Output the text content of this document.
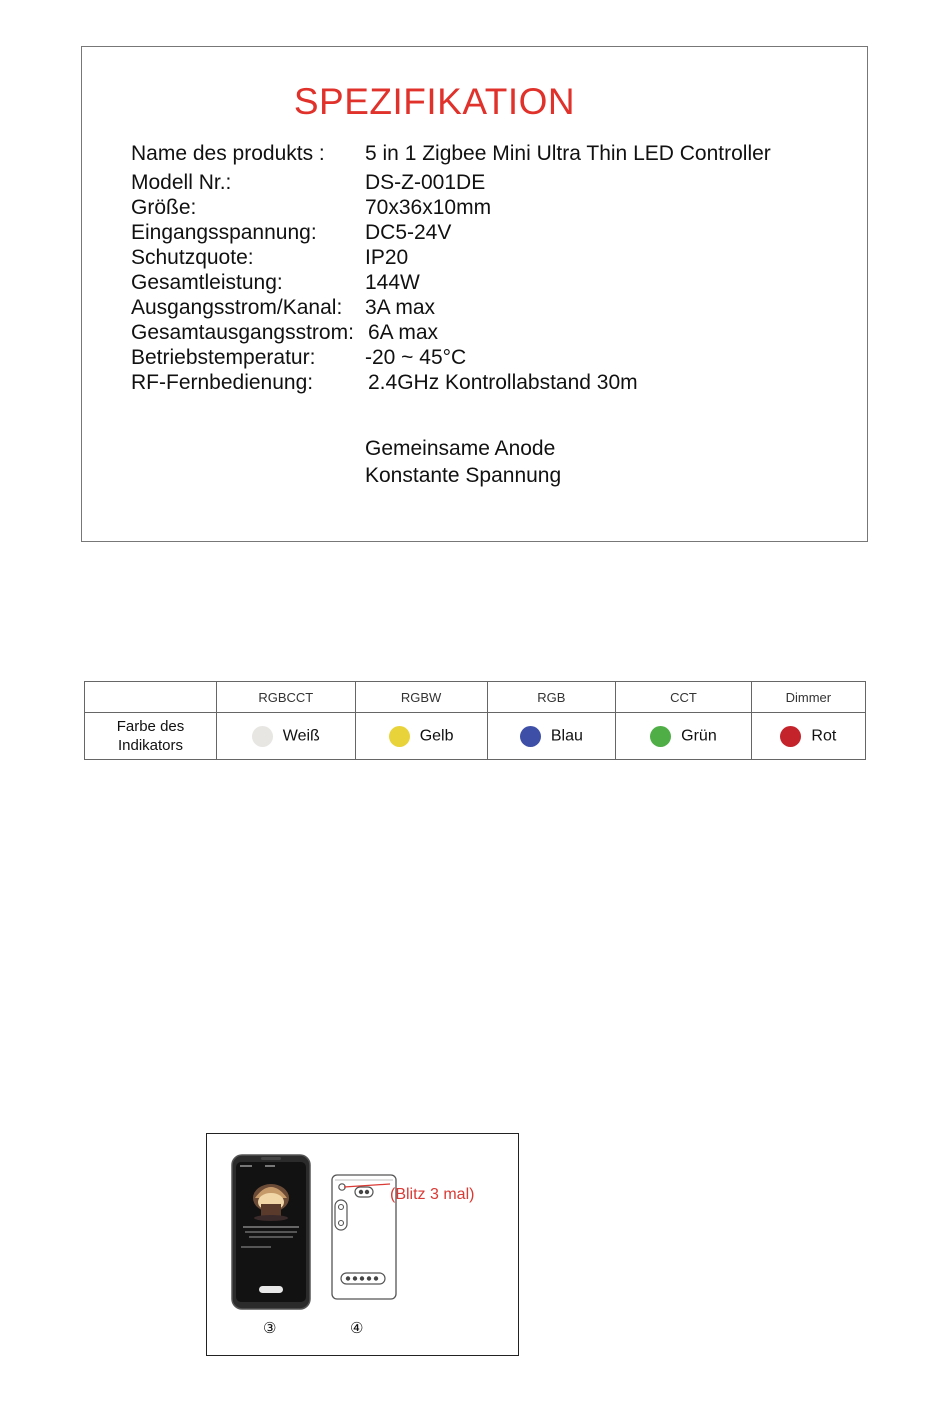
SPEZIFIKATION
Name des produkts : 5 in 1 Zigbee Mini Ultra Thin LED Controller
Modell Nr.:	DS-Z-001DE
Größe:	70x36x10mm
Eingangsspannung: DC5-24V
Schutzquote:	IP20
Gesamtleistung:	144W
Ausgangsstrom/Kanal: 3A max
Gesamtausgangsstrom: 6A max
Betriebstemperatur: -20 ~ 45°C
RF-Fernbedienung:	2.4GHz Kontrollabstand 30m
Gemeinsame Anode
Konstante Spannung
	RGBCCT	RGBW	RGB	CCT	Dimmer
Farbe des Indikators	Weiß	Gelb	Blau	Grün	Rot
(Blitz 3 mal)
③	④
